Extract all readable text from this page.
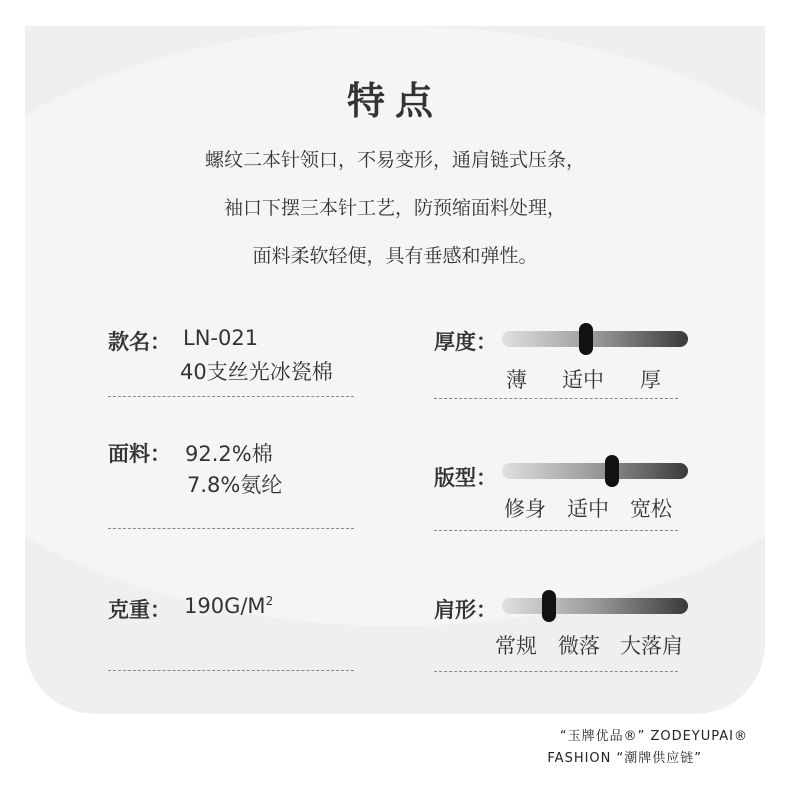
特点
螺纹二本针领口，不易变形，通肩链式压条，
袖口下摆三本针工艺，防预缩面料处理，
面料柔软轻便，具有垂感和弹性。
款名： LN-021
40支丝光冰瓷棉
面料： 92.2%棉
7.8%氨纶
克重： $190G/M^2$
厚度：
薄 适中 厚
版型：
修身 适中 宽松
肩形：
常规 微落 大落肩
“玉牌优品®” ZODEYUPAI®
FASHION “潮牌供应链”
